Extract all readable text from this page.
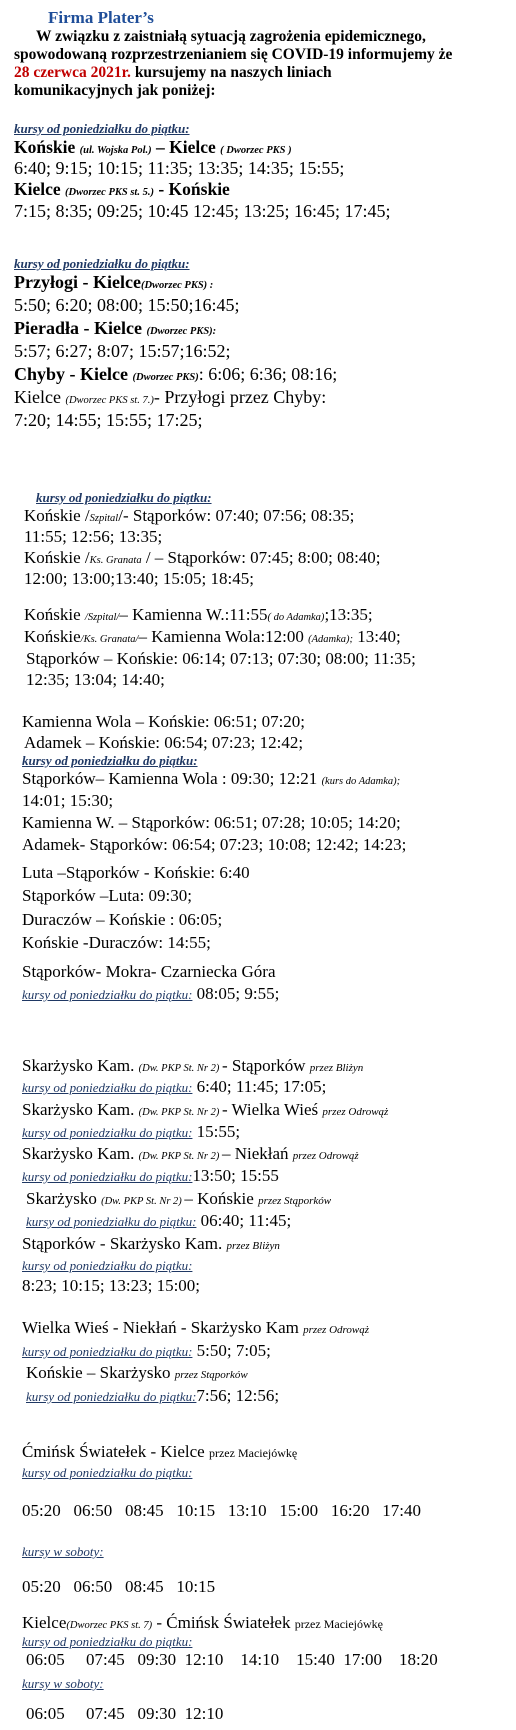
Firma Plater’s
W związku z zaistniałą sytuacją zagrożenia epidemicznego,
spowodowaną rozprzestrzenianiem się COVID-19 informujemy że
28 czerwca 2021r. kursujemy na naszych liniach
komunikacyjnych jak poniżej:
kursy od poniedziałku do piątku:
Końskie (ul. Wojska Pol.) – Kielce ( Dworzec PKS )
6:40; 9:15; 10:15; 11:35; 13:35; 14:35; 15:55;
Kielce (Dworzec PKS st. 5.) - Końskie
7:15; 8:35; 09:25; 10:45 12:45; 13:25; 16:45; 17:45;
kursy od poniedziałku do piątku:
Przyłogi - Kielce(Dworzec PKS) :
5:50; 6:20; 08:00; 15:50;16:45;
Pieradła - Kielce (Dworzec PKS):
5:57; 6:27; 8:07; 15:57;16:52;
Chyby - Kielce (Dworzec PKS): 6:06; 6:36; 08:16;
Kielce (Dworzec PKS st. 7.)- Przyłogi przez Chyby:
7:20; 14:55; 15:55; 17:25;
kursy od poniedziałku do piątku:
Końskie /Szpital/- Stąporków: 07:40; 07:56; 08:35;
11:55; 12:56; 13:35;
Końskie /Ks. Granata / – Stąporków: 07:45; 8:00; 08:40;
12:00; 13:00;13:40; 15:05; 18:45;
Końskie /Szpital/– Kamienna W.:11:55( do Adamka);13:35;
Końskie/Ks. Granata/– Kamienna Wola:12:00 (Adamka); 13:40;
Stąporków – Końskie: 06:14; 07:13; 07:30; 08:00; 11:35;
12:35; 13:04; 14:40;
Kamienna Wola – Końskie: 06:51; 07:20;
Adamek – Końskie: 06:54; 07:23; 12:42;
kursy od poniedziałku do piątku:
Stąporków– Kamienna Wola : 09:30; 12:21 (kurs do Adamka);
14:01; 15:30;
Kamienna W. – Stąporków: 06:51; 07:28; 10:05; 14:20;
Adamek- Stąporków: 06:54; 07:23; 10:08; 12:42; 14:23;
Luta –Stąporków - Końskie: 6:40
Stąporków –Luta: 09:30;
Duraczów – Końskie : 06:05;
Końskie -Duraczów: 14:55;
Stąporków- Mokra- Czarniecka Góra
kursy od poniedziałku do piątku: 08:05; 9:55;
Skarżysko Kam. (Dw. PKP St. Nr 2) - Stąporków przez Bliżyn
kursy od poniedziałku do piątku: 6:40; 11:45; 17:05;
Skarżysko Kam. (Dw. PKP St. Nr 2) - Wielka Wieś przez Odrowąż
kursy od poniedziałku do piątku: 15:55;
Skarżysko Kam. (Dw. PKP St. Nr 2) – Niekłań przez Odrowąż
kursy od poniedziałku do piątku:13:50; 15:55
Skarżysko (Dw. PKP St. Nr 2) – Końskie przez Stąporków
kursy od poniedziałku do piątku: 06:40; 11:45;
Stąporków - Skarżysko Kam. przez Bliżyn
kursy od poniedziałku do piątku:
8:23; 10:15; 13:23; 15:00;
Wielka Wieś - Niekłań - Skarżysko Kam przez Odrowąż
kursy od poniedziałku do piątku: 5:50; 7:05;
Końskie – Skarżysko przez Stąporków
kursy od poniedziałku do piątku:7:56; 12:56;
Ćmińsk Światełek - Kielce przez Maciejówkę
kursy od poniedziałku do piątku:
05:20   06:50   08:45   10:15   13:10   15:00   16:20   17:40
kursy w soboty:
05:20   06:50   08:45   10:15
Kielce(Dworzec PKS st. 7) - Ćmińsk Światełek przez Maciejówkę
kursy od poniedziałku do piątku:
06:05     07:45   09:30  12:10    14:10    15:40  17:00    18:20
kursy w soboty:
06:05     07:45   09:30  12:10
